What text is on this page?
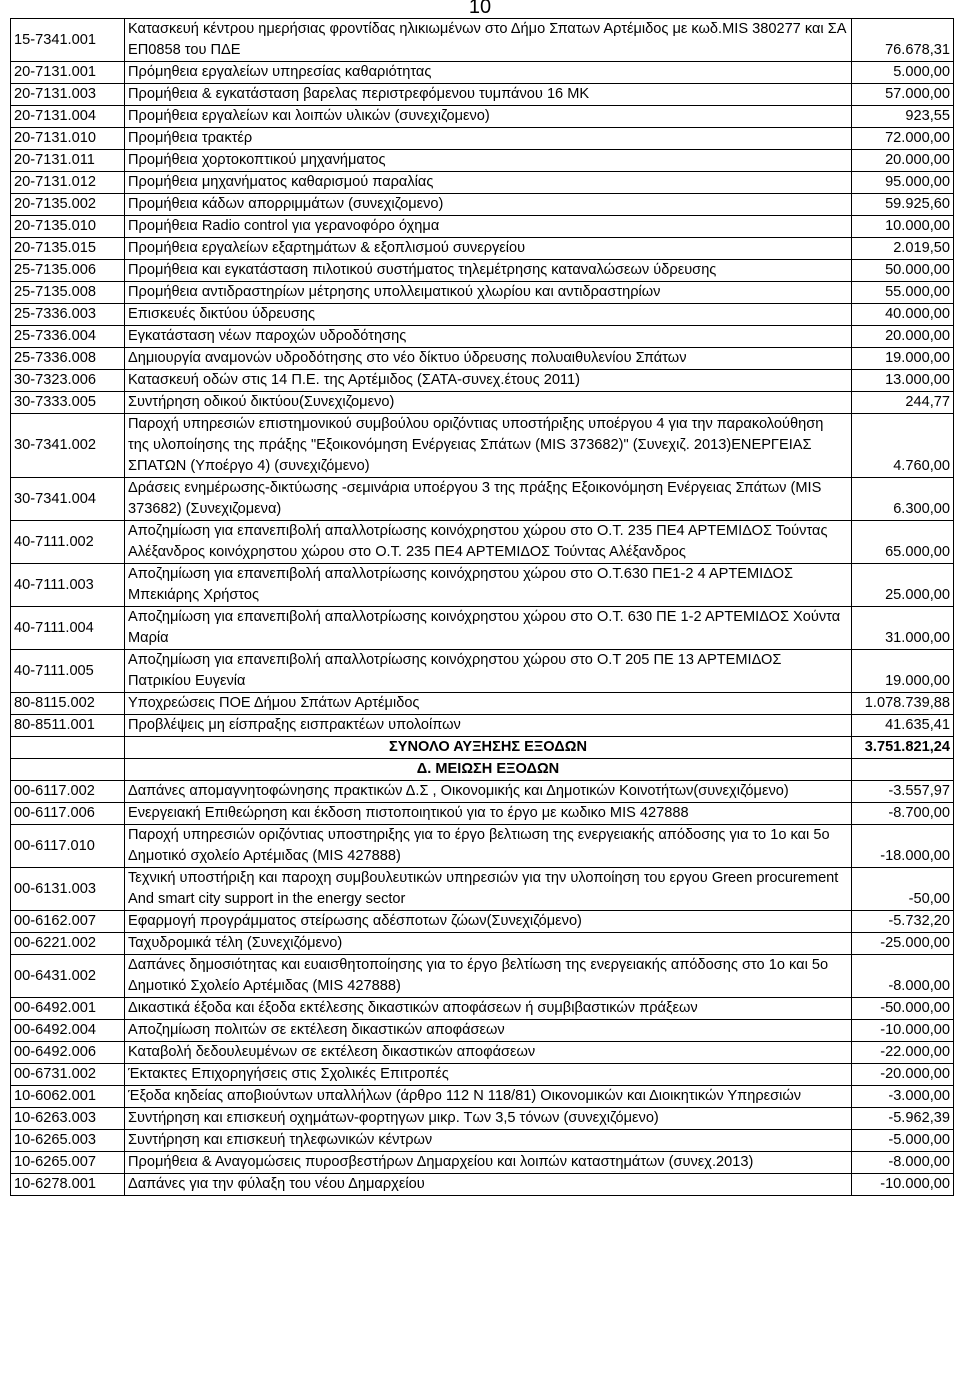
10
15-7341.001	Κατασκευή κέντρου ημερήσιας φροντίδας ηλικιωμένων στο Δήμο Σπατων Αρτέμιδος με κωδ.MIS 380277 και ΣΑ ΕΠ0858 του ΠΔΕ	76.678,31
20-7131.001	Πρόμηθεια εργαλείων υπηρεσίας καθαριότητας	5.000,00
20-7131.003	Προμήθεια & εγκατάσταση βαρελας περιστρεφόμενου τυμπάνου 16 ΜΚ	57.000,00
20-7131.004	Προμήθεια εργαλείων και λοιπών υλικών (συνεχιζομενο)	923,55
20-7131.010	Προμήθεια τρακτέρ	72.000,00
20-7131.011	Προμήθεια χορτοκοπτικού μηχανήματος	20.000,00
20-7131.012	Προμήθεια μηχανήματος καθαρισμού παραλίας	95.000,00
20-7135.002	Προμήθεια κάδων απορριμμάτων (συνεχιζομενο)	59.925,60
20-7135.010	Προμήθεια Radio control για γερανοφόρο όχημα	10.000,00
20-7135.015	Προμήθεια εργαλείων εξαρτημάτων & εξοπλισμού συνεργείου	2.019,50
25-7135.006	Προμήθεια και εγκατάσταση πιλοτικού συστήματος τηλεμέτρησης καταναλώσεων ύδρευσης	50.000,00
25-7135.008	Προμήθεια αντιδραστηρίων μέτρησης υπολλειματικού χλωρίου και αντιδραστηρίων	55.000,00
25-7336.003	Επισκευές δικτύου ύδρευσης	40.000,00
25-7336.004	Εγκατάσταση νέων παροχών υδροδότησης	20.000,00
25-7336.008	Δημιουργία αναμονών υδροδότησης στο νέο δίκτυο ύδρευσης πολυαιθυλενίου Σπάτων	19.000,00
30-7323.006	Κατασκευή οδών στις 14 Π.Ε. της Αρτέμιδος (ΣΑΤΑ-συνεχ.έτους 2011)	13.000,00
30-7333.005	Συντήρηση οδικού δικτύου(Συνεχιζομενο)	244,77
30-7341.002	Παροχή υπηρεσιών επιστημονικού συμβούλου οριζόντιας υποστήριξης υποέργου 4 για την παρακολούθηση της υλοποίησης της πράξης "Εξοικονόμηση Ενέργειας Σπάτων (MIS 373682)" (Συνεχιζ. 2013)ΕΝΕΡΓΕΙΑΣ ΣΠΑΤΩΝ (Υποέργο 4) (συνεχιζόμενο)	4.760,00
30-7341.004	Δράσεις ενημέρωσης-δικτύωσης -σεμινάρια υποέργου 3 της πράξης Εξοικονόμηση Ενέργειας Σπάτων (MIS 373682) (Συνεχιζομενα)	6.300,00
40-7111.002	Αποζημίωση για επανεπιβολή απαλλοτρίωσης κοινόχρηστου χώρου στο Ο.Τ. 235 ΠΕ4 ΑΡΤΕΜΙΔΟΣ Τούντας Αλέξανδρος κοινόχρηστου χώρου στο Ο.Τ. 235 ΠΕ4 ΑΡΤΕΜΙΔΟΣ Τούντας Αλέξανδρος	65.000,00
40-7111.003	Αποζημίωση για επανεπιβολή απαλλοτρίωσης κοινόχρηστου χώρου στο Ο.Τ.630 ΠΕ1-2 4 ΑΡΤΕΜΙΔΟΣ Μπεκιάρης Χρήστος	25.000,00
40-7111.004	Αποζημίωση για επανεπιβολή απαλλοτρίωσης κοινόχρηστου χώρου στο Ο.Τ. 630 ΠΕ 1-2 ΑΡΤΕΜΙΔΟΣ Χούντα Μαρία	31.000,00
40-7111.005	Αποζημίωση για επανεπιβολή απαλλοτρίωσης κοινόχρηστου χώρου στο Ο.Τ 205 ΠΕ 13 ΑΡΤΕΜΙΔΟΣ Πατρικίου Ευγενία	19.000,00
80-8115.002	Υποχρεώσεις ΠΟΕ Δήμου Σπάτων Αρτέμιδος	1.078.739,88
80-8511.001	Προβλέψεις μη είσπραξης εισπρακτέων υπολοίπων	41.635,41
	ΣΥΝΟΛΟ ΑΥΞΗΣΗΣ ΕΞΟΔΩΝ	3.751.821,24
	Δ. ΜΕΙΩΣΗ ΕΞΟΔΩΝ	
00-6117.002	Δαπάνες απομαγνητοφώνησης πρακτικών Δ.Σ , Οικονομικής και Δημοτικών Κοινοτήτων(συνεχιζόμενο)	-3.557,97
00-6117.006	Ενεργειακή Επιθεώρηση και έκδοση πιστοποιητικού για το έργο με κωδικο MIS 427888	-8.700,00
00-6117.010	Παροχή υπηρεσιών οριζόντιας υποστηριξης για το έργο βελτιωση της ενεργειακής απόδοσης για το 1ο και 5ο Δημοτικό σχολείο Αρτέμιδας (MIS 427888)	-18.000,00
00-6131.003	Τεχνική υποστήριξη και παροχη συμβουλευτικών υπηρεσιών για την υλοποίηση του εργου Green procurement And smart city support in the energy sector	-50,00
00-6162.007	Εφαρμογή προγράμματος στείρωσης αδέσποτων ζώων(Συνεχιζόμενο)	-5.732,20
00-6221.002	Ταχυδρομικά τέλη (Συνεχιζόμενο)	-25.000,00
00-6431.002	Δαπάνες δημοσιότητας και ευαισθητοποίησης για το έργο βελτίωση της ενεργειακής απόδοσης στο 1ο και 5ο Δημοτικό Σχολείο Αρτέμιδας (MIS 427888)	-8.000,00
00-6492.001	Δικαστικά έξοδα και έξοδα εκτέλεσης δικαστικών αποφάσεων ή συμβιβαστικών πράξεων	-50.000,00
00-6492.004	Αποζημίωση πολιτών σε εκτέλεση δικαστικών αποφάσεων	-10.000,00
00-6492.006	Καταβολή δεδουλευμένων σε εκτέλεση δικαστικών αποφάσεων	-22.000,00
00-6731.002	Έκτακτες Επιχορηγήσεις στις Σχολικές Επιτροπές	-20.000,00
10-6062.001	Έξοδα κηδείας αποβιούντων υπαλλήλων (άρθρο 112 Ν 118/81) Οικονομικών και Διοικητικών Υπηρεσιών	-3.000,00
10-6263.003	Συντήρηση και επισκευή οχημάτων-φορτηγων μικρ. Των 3,5 τόνων (συνεχιζόμενο)	-5.962,39
10-6265.003	Συντήρηση και επισκευή τηλεφωνικών κέντρων	-5.000,00
10-6265.007	Προμήθεια & Αναγομώσεις πυροσβεστήρων Δημαρχείου και λοιπών καταστημάτων (συνεχ.2013)	-8.000,00
10-6278.001	Δαπάνες για την φύλαξη του νέου Δημαρχείου	-10.000,00
